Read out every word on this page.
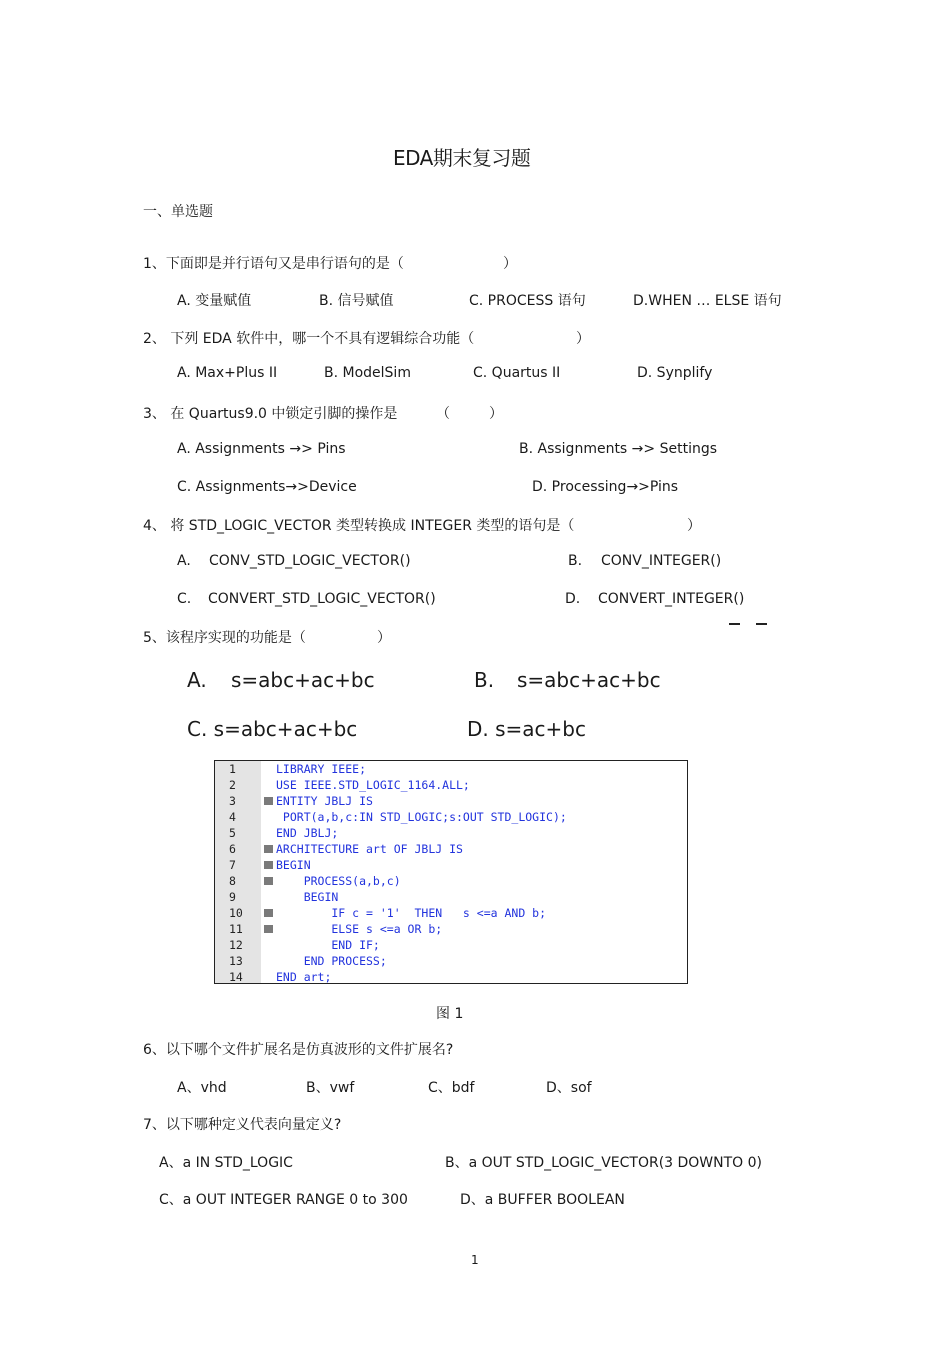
EDA期末复习题
一、单选题
1、下面即是并行语句又是串行语句的是（	）
A. 变量赋值	B. 信号赋值	C. PROCESS 语句	D.WHEN … ELSE 语句
2、 下列 EDA 软件中，哪一个不具有逻辑综合功能（	）
A. Max+Plus II	B. ModelSim	C. Quartus II	D. Synplify
3、 在 Quartus9.0 中锁定引脚的操作是	（	）
A. Assignments →> Pins	B. Assignments →> Settings
C. Assignments→>Device	D. Processing→>Pins
4、 将 STD_LOGIC_VECTOR 类型转换成 INTEGER 类型的语句是（	）
A. CONV_STD_LOGIC_VECTOR()	B. CONV_INTEGER()
C. CONVERT_STD_LOGIC_VECTOR()	D. CONVERT_INTEGER()
5、该程序实现的功能是（	）
A. s=abc+ac+bc	B. s=abc+ac+bc
C. s=abc+ac+bc	D. s=ac+bc
1	LIBRARY IEEE;
2	USE IEEE.STD_LOGIC_1164.ALL;
3	ENTITY JBLJ IS
4	PORT(a,b,c:IN STD_LOGIC;s:OUT STD_LOGIC);
5	END JBLJ;
6	ARCHITECTURE art OF JBLJ IS
7	BEGIN
8	PROCESS(a,b,c)
9	BEGIN
10	IF c = '1'  THEN   s <=a AND b;
11	ELSE s <=a OR b;
12	END IF;
13	END PROCESS;
14	END art;
图 1
6、以下哪个文件扩展名是仿真波形的文件扩展名?
A、vhd	B、vwf	C、bdf	D、sof
7、以下哪种定义代表向量定义?
A、a IN STD_LOGIC	B、a OUT STD_LOGIC_VECTOR(3 DOWNTO 0)
C、a OUT INTEGER RANGE 0 to 300	D、a BUFFER BOOLEAN
1
